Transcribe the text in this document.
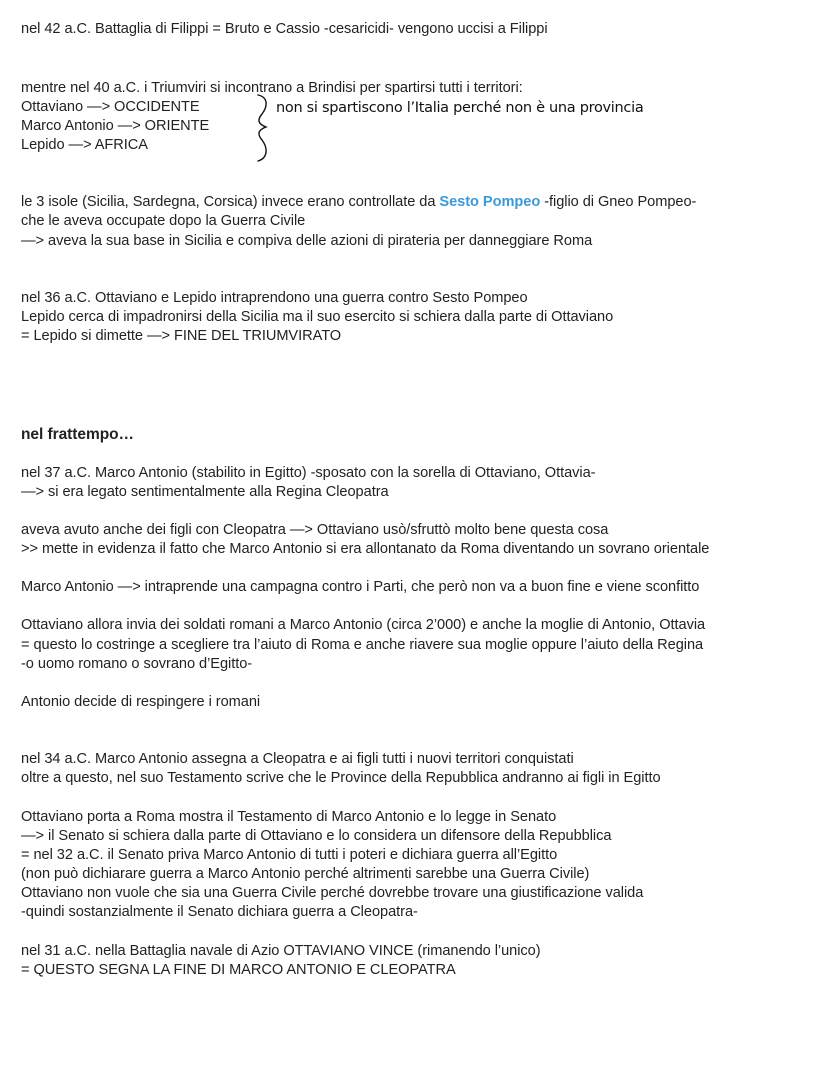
nel 42 a.C. Battaglia di Filippi = Bruto e Cassio -cesaricidi- vengono uccisi a Filippi
mentre nel 40 a.C. i Triumviri si incontrano a Brindisi per spartirsi tutti i territori:
Ottaviano —> OCCIDENTE
Marco Antonio —> ORIENTE
Lepido —> AFRICA
non si spartiscono l’Italia perché non è una provincia
le 3 isole (Sicilia, Sardegna, Corsica) invece erano controllate da Sesto Pompeo -figlio di Gneo Pompeo-
che le aveva occupate dopo la Guerra Civile
—> aveva la sua base in Sicilia e compiva delle azioni di pirateria per danneggiare Roma
nel 36 a.C. Ottaviano e Lepido intraprendono una guerra contro Sesto Pompeo
Lepido cerca di impadronirsi della Sicilia ma il suo esercito si schiera dalla parte di Ottaviano
= Lepido si dimette —> FINE DEL TRIUMVIRATO
nel frattempo…
nel 37 a.C. Marco Antonio (stabilito in Egitto) -sposato con la sorella di Ottaviano, Ottavia-
—> si era legato sentimentalmente alla Regina Cleopatra
aveva avuto anche dei figli con Cleopatra —> Ottaviano usò/sfruttò molto bene questa cosa
>> mette in evidenza il fatto che Marco Antonio si era allontanato da Roma diventando un sovrano orientale
Marco Antonio —> intraprende una campagna contro i Parti, che però non va a buon fine e viene sconfitto
Ottaviano allora invia dei soldati romani a Marco Antonio (circa 2’000) e anche la moglie di Antonio, Ottavia
= questo lo costringe a scegliere tra l’aiuto di Roma e anche riavere sua moglie oppure l’aiuto della Regina
-o uomo romano o sovrano d’Egitto-
Antonio decide di respingere i romani
nel 34 a.C. Marco Antonio assegna a Cleopatra e ai figli tutti i nuovi territori conquistati
oltre a questo, nel suo Testamento scrive che le Province della Repubblica andranno ai figli in Egitto
Ottaviano porta a Roma mostra il Testamento di Marco Antonio e lo legge in Senato
—> il Senato si schiera dalla parte di Ottaviano e lo considera un difensore della Repubblica
= nel 32 a.C. il Senato priva Marco Antonio di tutti i poteri e dichiara guerra all’Egitto
(non può dichiarare guerra a Marco Antonio perché altrimenti sarebbe una Guerra Civile)
Ottaviano non vuole che sia una Guerra Civile perché dovrebbe trovare una giustificazione valida
-quindi sostanzialmente il Senato dichiara guerra a Cleopatra-
nel 31 a.C. nella Battaglia navale di Azio OTTAVIANO VINCE (rimanendo l’unico)
= QUESTO SEGNA LA FINE DI MARCO ANTONIO E CLEOPATRA
